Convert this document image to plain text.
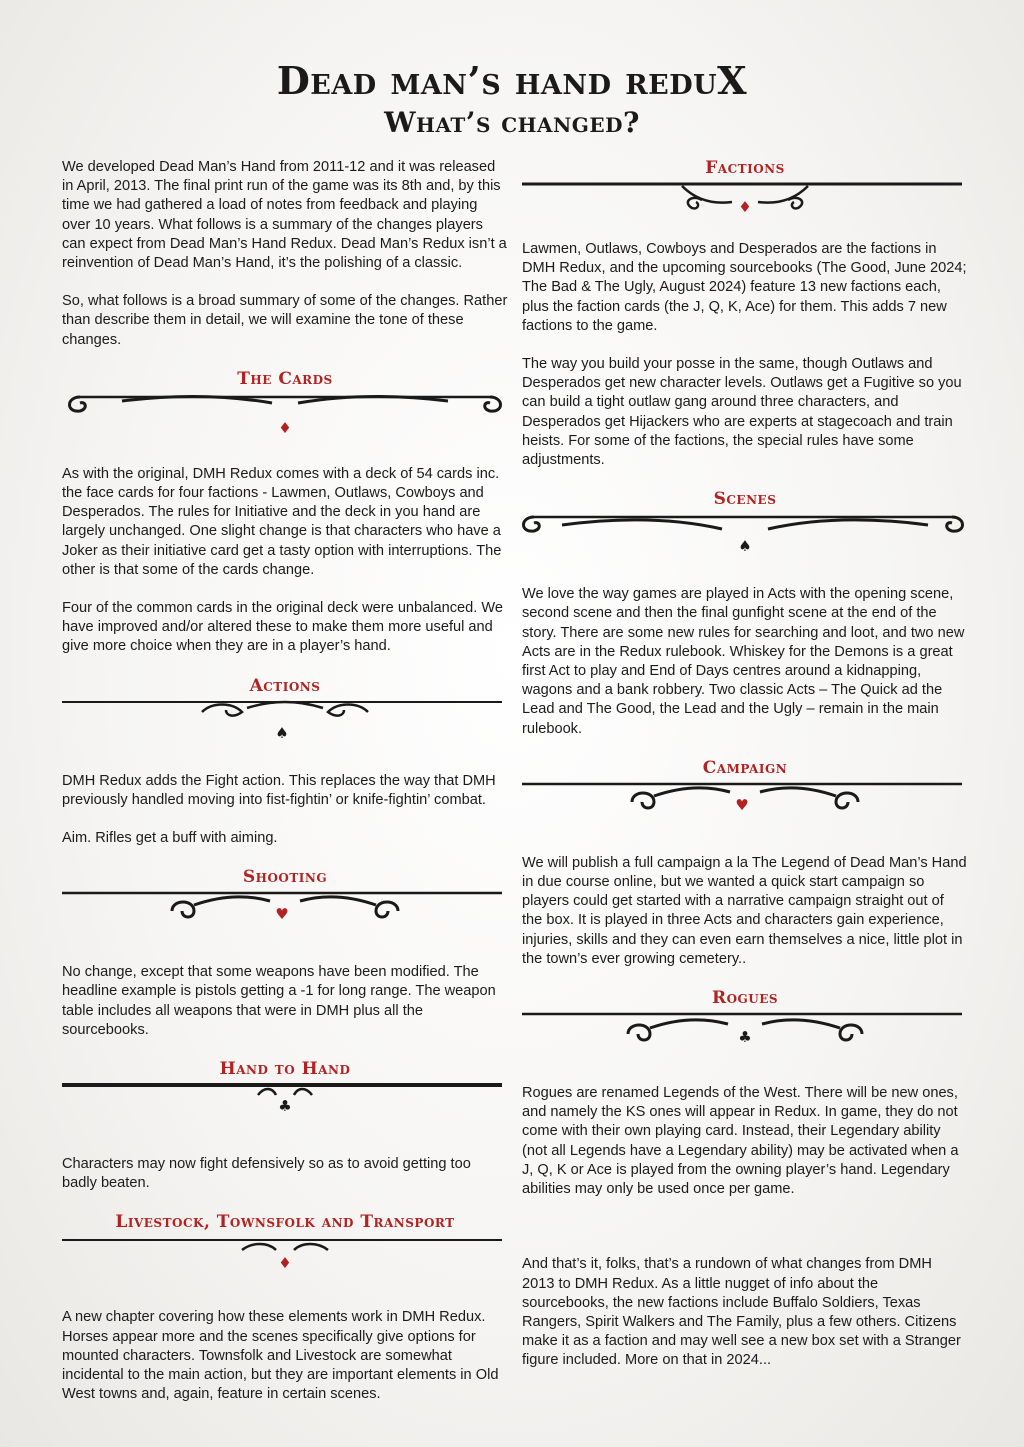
Dead man’s hand reduX
What’s changed?

We developed Dead Man’s Hand from 2011-12 and it was released in April, 2013. The final print run of the game was its 8th and, by this time we had gathered a load of notes from feedback and playing over 10 years. What follows is a summary of the changes players can expect from Dead Man’s Hand Redux. Dead Man’s Redux isn’t a reinvention of Dead Man’s Hand, it’s the polishing of a classic.

So, what follows is a broad summary of some of the changes. Rather than describe them in detail, we will examine the tone of these changes.

The Cards
♦

As with the original, DMH Redux comes with a deck of 54 cards inc. the face cards for four factions - Lawmen, Outlaws, Cowboys and Desperados. The rules for Initiative and the deck in you hand are largely unchanged. One slight change is that characters who have a Joker as their initiative card get a tasty option with interruptions. The other is that some of the cards change.

Four of the common cards in the original deck were unbalanced. We have improved and/or altered these to make them more useful and give more choice when they are in a player’s hand.

Actions
♠

DMH Redux adds the Fight action. This replaces the way that DMH previously handled moving into fist-fightin’ or knife-fightin’ combat.

Aim. Rifles get a buff with aiming.

Shooting
♥

No change, except that some weapons have been modified. The headline example is pistols getting a -1 for long range. The weapon table includes all weapons that were in DMH plus all the sourcebooks.

Hand to Hand
♣

Characters may now fight defensively so as to avoid getting too badly beaten.

Livestock, Townsfolk and Transport
♦

A new chapter covering how these elements work in DMH Redux. Horses appear more and the scenes specifically give options for mounted characters. Townsfolk and Livestock are somewhat incidental to the main action, but they are important elements in Old West towns and, again, feature in certain scenes.

Factions
♦

Lawmen, Outlaws, Cowboys and Desperados are the factions in DMH Redux, and the upcoming sourcebooks (The Good, June 2024; The Bad & The Ugly, August 2024) feature 13 new factions each, plus the faction cards (the J, Q, K, Ace) for them. This adds 7 new factions to the game.

The way you build your posse in the same, though Outlaws and Desperados get new character levels. Outlaws get a Fugitive so you can build a tight outlaw gang around three characters, and Desperados get Hijackers who are experts at stagecoach and train heists. For some of the factions, the special rules have some adjustments.

Scenes
♠

We love the way games are played in Acts with the opening scene, second scene and then the final gunfight scene at the end of the story. There are some new rules for searching and loot, and two new Acts are in the Redux rulebook. Whiskey for the Demons is a great first Act to play and End of Days centres around a kidnapping, wagons and a bank robbery. Two classic Acts – The Quick ad the Lead and The Good, the Lead and the Ugly – remain in the main rulebook.

Campaign
♥

We will publish a full campaign a la The Legend of Dead Man’s Hand in due course online, but we wanted a quick start campaign so players could get started with a narrative campaign straight out of the box. It is played in three Acts and characters gain experience, injuries, skills and they can even earn themselves a nice, little plot in the town’s ever growing cemetery..

Rogues
♣

Rogues are renamed Legends of the West. There will be new ones, and namely the KS ones will appear in Redux. In game, they do not come with their own playing card. Instead, their Legendary ability (not all Legends have a Legendary ability) may be activated when a J, Q, K or Ace is played from the owning player’s hand. Legendary abilities may only be used once per game.

And that’s it, folks, that’s a rundown of what changes from DMH 2013 to DMH Redux. As a little nugget of info about the sourcebooks, the new factions include Buffalo Soldiers, Texas Rangers, Spirit Walkers and The Family, plus a few others. Citizens make it as a faction and may well see a new box set with a Stranger figure included. More on that in 2024...
